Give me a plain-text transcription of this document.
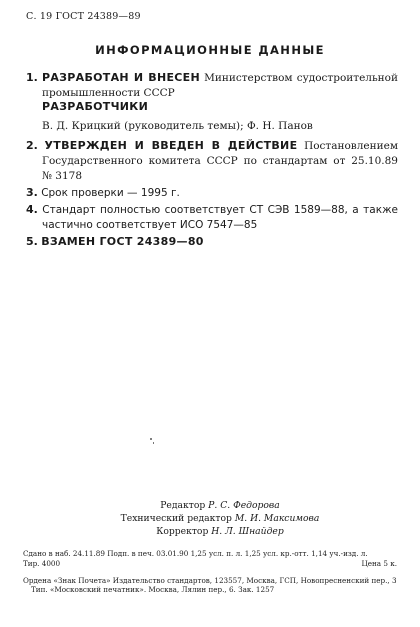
С. 19 ГОСТ 24389—89
ИНФОРМАЦИОННЫЕ ДАННЫЕ
1. РАЗРАБОТАН И ВНЕСЕН Министерством судостроительной
промышленности СССР
РАЗРАБОТЧИКИ
В. Д. Крицкий (руководитель темы); Ф. Н. Панов
2. УТВЕРЖДЕН И ВВЕДЕН В ДЕЙСТВИЕ Постановлением
Государственного комитета СССР по стандартам от 25.10.89
№ 3178
3. Срок проверки — 1995 г.
4. Стандарт полностью соответствует СТ СЭВ 1589—88, а также
частично соответствует ИСО 7547—85
5. ВЗАМЕН ГОСТ 24389—80
Редактор Р. С. Федорова
Технический редактор М. И. Максимова
Корректор Н. Л. Шнайдер
Сдано в наб. 24.11.89 Подп. в печ. 03.01.90 1,25 усл. п. л. 1,25 усл. кр.-отт. 1,14 уч.-изд. л.
Тир. 4000	Цена 5 к.
Ордена «Знак Почета» Издательство стандартов, 123557, Москва, ГСП, Новопресненский пер., 3
Тип. «Московский печатник». Москва, Лялин пер., 6. Зак. 1257
